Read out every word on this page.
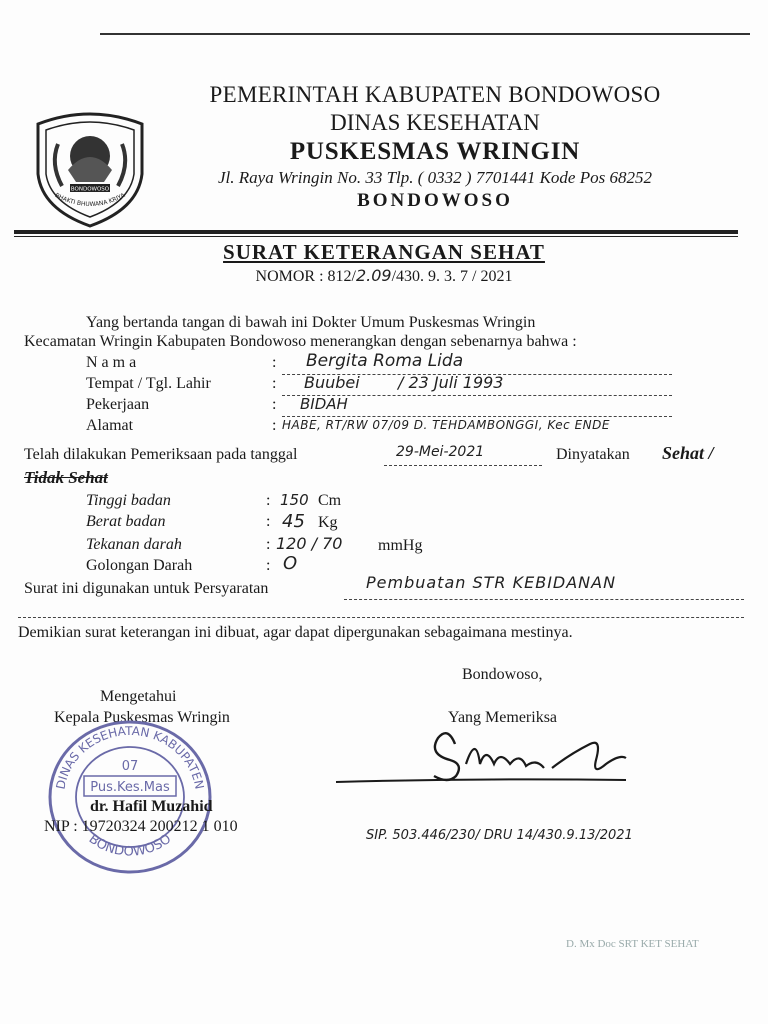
BONDOWOSO
BHAKTI BHUWANA KRIYA
PEMERINTAH KABUPATEN BONDOWOSO
DINAS KESEHATAN
PUSKESMAS WRINGIN
Jl. Raya Wringin No. 33 Tlp. ( 0332 ) 7701441 Kode Pos 68252
BONDOWOSO
SURAT KETERANGAN SEHAT
NOMOR : 812/2.09/430. 9. 3. 7 / 2021
Yang bertanda tangan di bawah ini Dokter Umum Puskesmas Wringin
Kecamatan Wringin Kabupaten Bondowoso menerangkan dengan sebenarnya bahwa :
N a m a	: Bergita Roma Lida
Tempat / Tgl. Lahir	: Buubei / 23 Juli 1993
Pekerjaan	: BIDAH
Alamat	: HABE, RT/RW 07/09 D. TEHDAMBONGGI, Kec ENDE
Telah dilakukan Pemeriksaan pada tanggal	29-Mei-2021	Dinyatakan Sehat /
Tidak Sehat
Tinggi badan	: 150 Cm
Berat badan	: 45 Kg
Tekanan darah	: 120 / 70 mmHg
Golongan Darah	: O
Surat ini digunakan untuk Persyaratan	Pembuatan STR KEBIDANAN
Demikian surat keterangan ini dibuat, agar dapat dipergunakan sebagaimana mestinya.
Bondowoso,
Mengetahui
Kepala Puskesmas Wringin	Yang Memeriksa
DINAS KESEHATAN KABUPATEN
BONDOWOSO
07
Pus.Kes.Mas
dr. Hafil Muzahid
NIP : 19720324 200212 1 010
SIP. 503.446/230/ DRU 14/430.9.13/2021
D. Mx Doc SRT KET SEHAT
